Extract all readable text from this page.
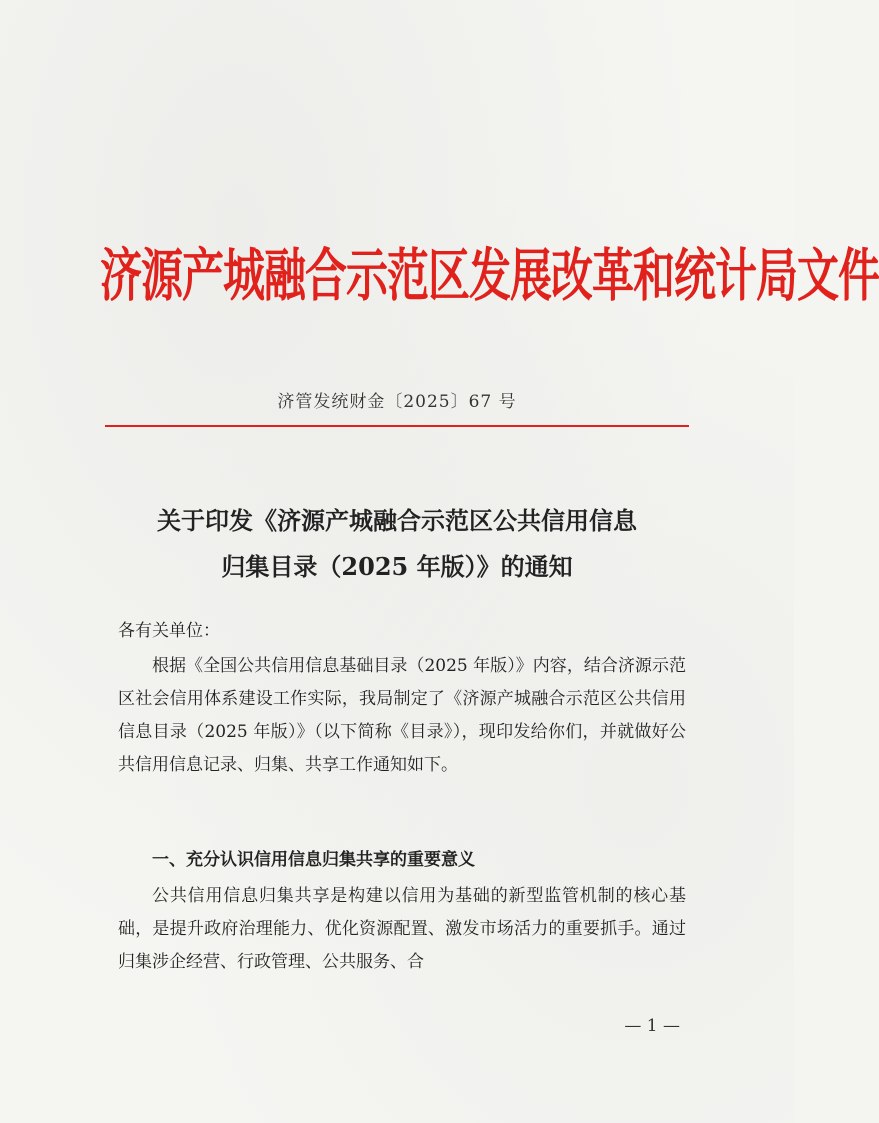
济源产城融合示范区发展改革和统计局文件
济管发统财金〔2025〕67 号
关于印发《济源产城融合示范区公共信用信息
归集目录（2025 年版）》的通知
各有关单位：
根据《全国公共信用信息基础目录（2025 年版）》内容，结合济源示范区社会信用体系建设工作实际，我局制定了《济源产城融合示范区公共信用信息目录（2025 年版）》（以下简称《目录》），现印发给你们，并就做好公共信用信息记录、归集、共享工作通知如下。
一、充分认识信用信息归集共享的重要意义
公共信用信息归集共享是构建以信用为基础的新型监管机制的核心基础，是提升政府治理能力、优化资源配置、激发市场活力的重要抓手。通过归集涉企经营、行政管理、公共服务、合
— 1 —
